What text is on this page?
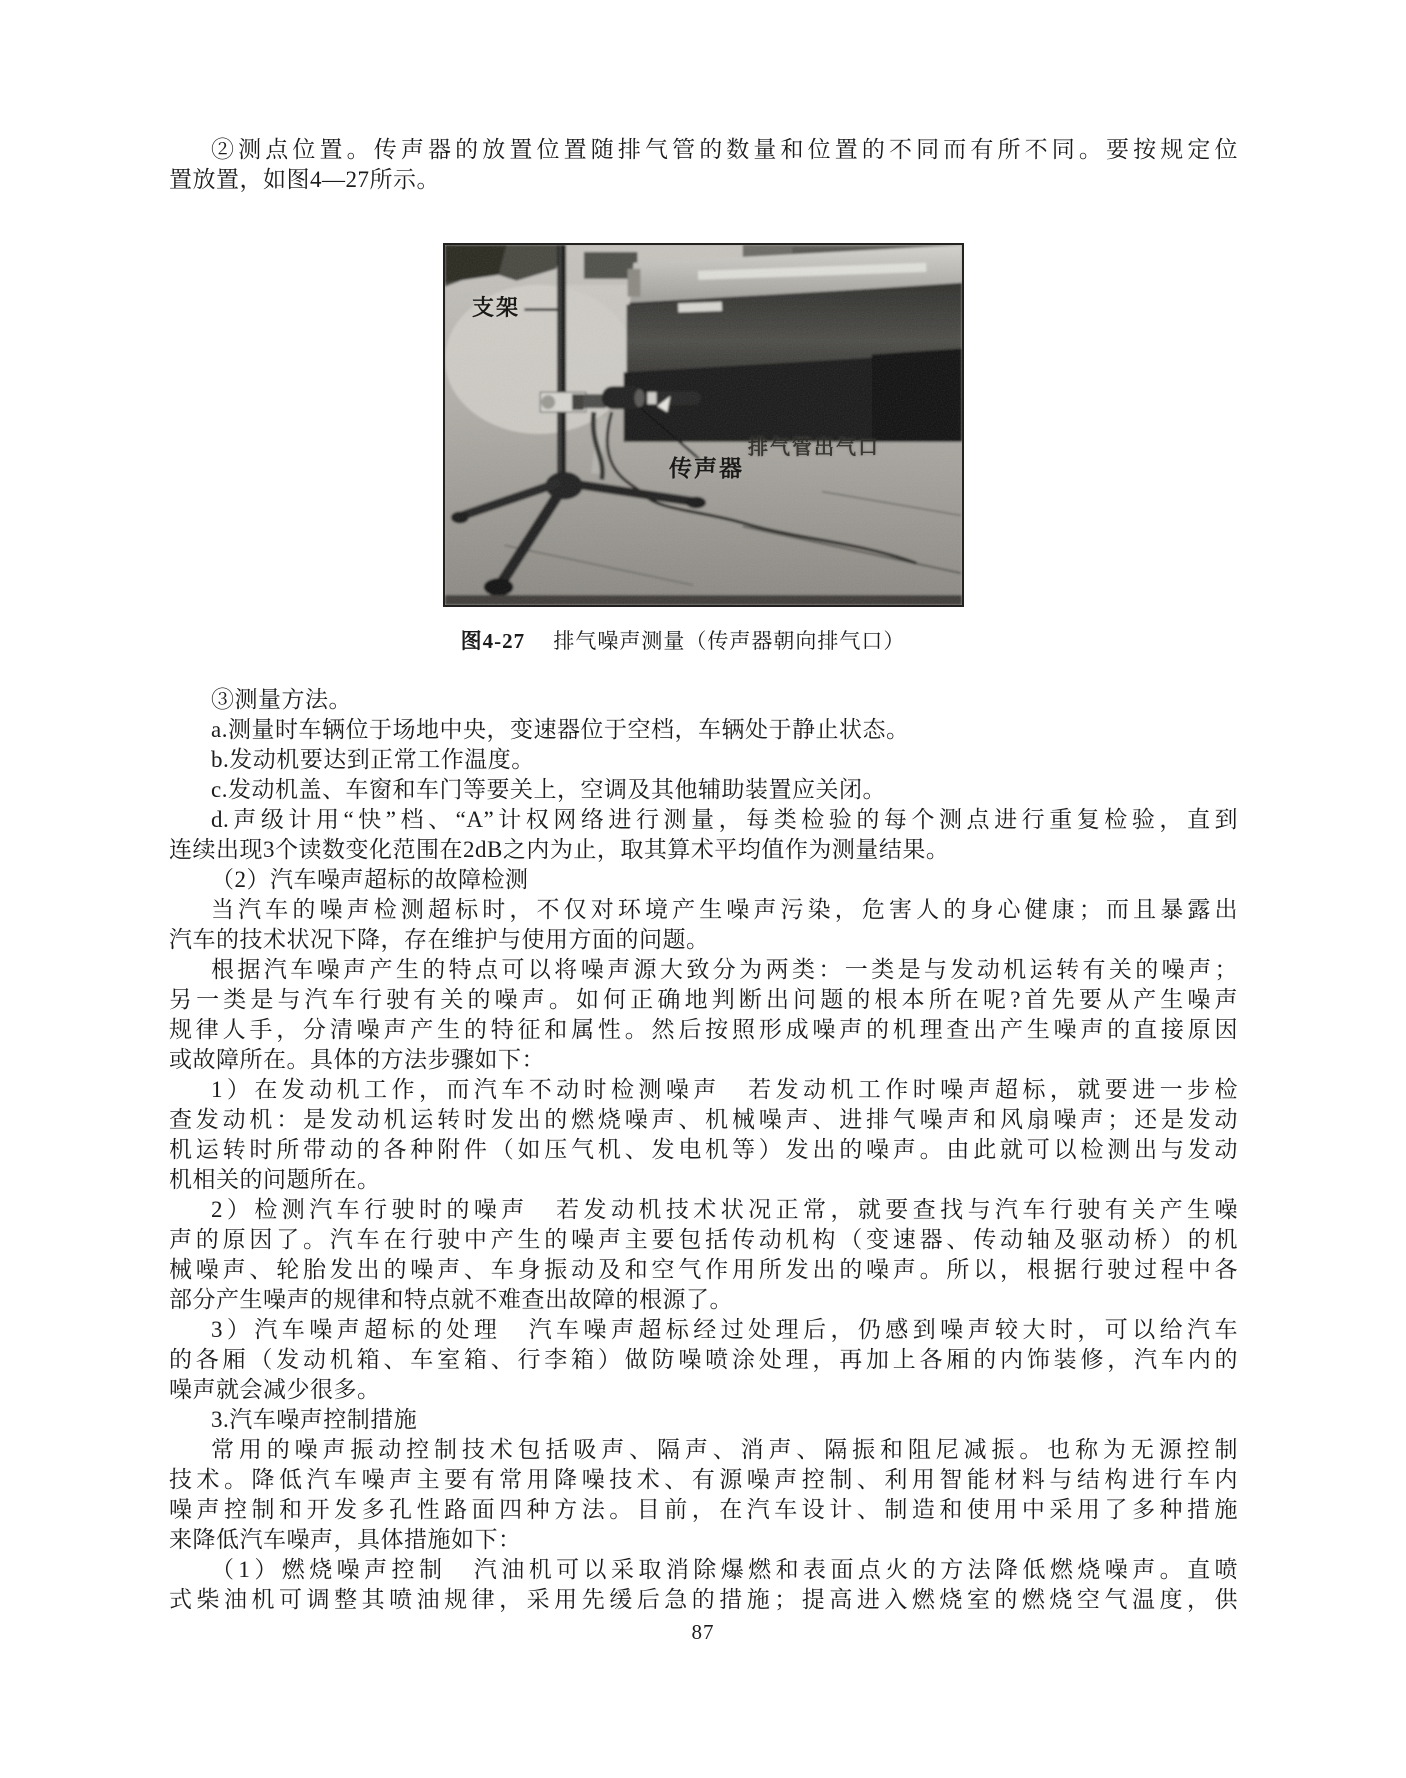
②测点位置。传声器的放置位置随排气管的数量和位置的不同而有所不同。要按规定位
置放置，如图4—27所示。
支架
传声器
排气管出气口
图4-27 排气噪声测量（传声器朝向排气口）
③测量方法。
a.测量时车辆位于场地中央，变速器位于空档，车辆处于静止状态。
b.发动机要达到正常工作温度。
c.发动机盖、车窗和车门等要关上，空调及其他辅助装置应关闭。
d.声级计用“快”档、“A”计权网络进行测量，每类检验的每个测点进行重复检验，直到
连续出现3个读数变化范围在2dB之内为止，取其算术平均值作为测量结果。
（2）汽车噪声超标的故障检测
当汽车的噪声检测超标时，不仅对环境产生噪声污染，危害人的身心健康；而且暴露出
汽车的技术状况下降，存在维护与使用方面的问题。
根据汽车噪声产生的特点可以将噪声源大致分为两类：一类是与发动机运转有关的噪声；
另一类是与汽车行驶有关的噪声。如何正确地判断出问题的根本所在呢?首先要从产生噪声
规律人手，分清噪声产生的特征和属性。然后按照形成噪声的机理查出产生噪声的直接原因
或故障所在。具体的方法步骤如下：
1）在发动机工作，而汽车不动时检测噪声　若发动机工作时噪声超标，就要进一步检
查发动机：是发动机运转时发出的燃烧噪声、机械噪声、进排气噪声和风扇噪声；还是发动
机运转时所带动的各种附件（如压气机、发电机等）发出的噪声。由此就可以检测出与发动
机相关的问题所在。
2）检测汽车行驶时的噪声　若发动机技术状况正常，就要查找与汽车行驶有关产生噪
声的原因了。汽车在行驶中产生的噪声主要包括传动机构（变速器、传动轴及驱动桥）的机
械噪声、轮胎发出的噪声、车身振动及和空气作用所发出的噪声。所以，根据行驶过程中各
部分产生噪声的规律和特点就不难查出故障的根源了。
3）汽车噪声超标的处理　汽车噪声超标经过处理后，仍感到噪声较大时，可以给汽车
的各厢（发动机箱、车室箱、行李箱）做防噪喷涂处理，再加上各厢的内饰装修，汽车内的
噪声就会减少很多。
3.汽车噪声控制措施
常用的噪声振动控制技术包括吸声、隔声、消声、隔振和阻尼减振。也称为无源控制
技术。降低汽车噪声主要有常用降噪技术、有源噪声控制、利用智能材料与结构进行车内
噪声控制和开发多孔性路面四种方法。目前，在汽车设计、制造和使用中采用了多种措施
来降低汽车噪声，具体措施如下：
（1）燃烧噪声控制　汽油机可以采取消除爆燃和表面点火的方法降低燃烧噪声。直喷
式柴油机可调整其喷油规律，采用先缓后急的措施；提高进入燃烧室的燃烧空气温度，供
87
